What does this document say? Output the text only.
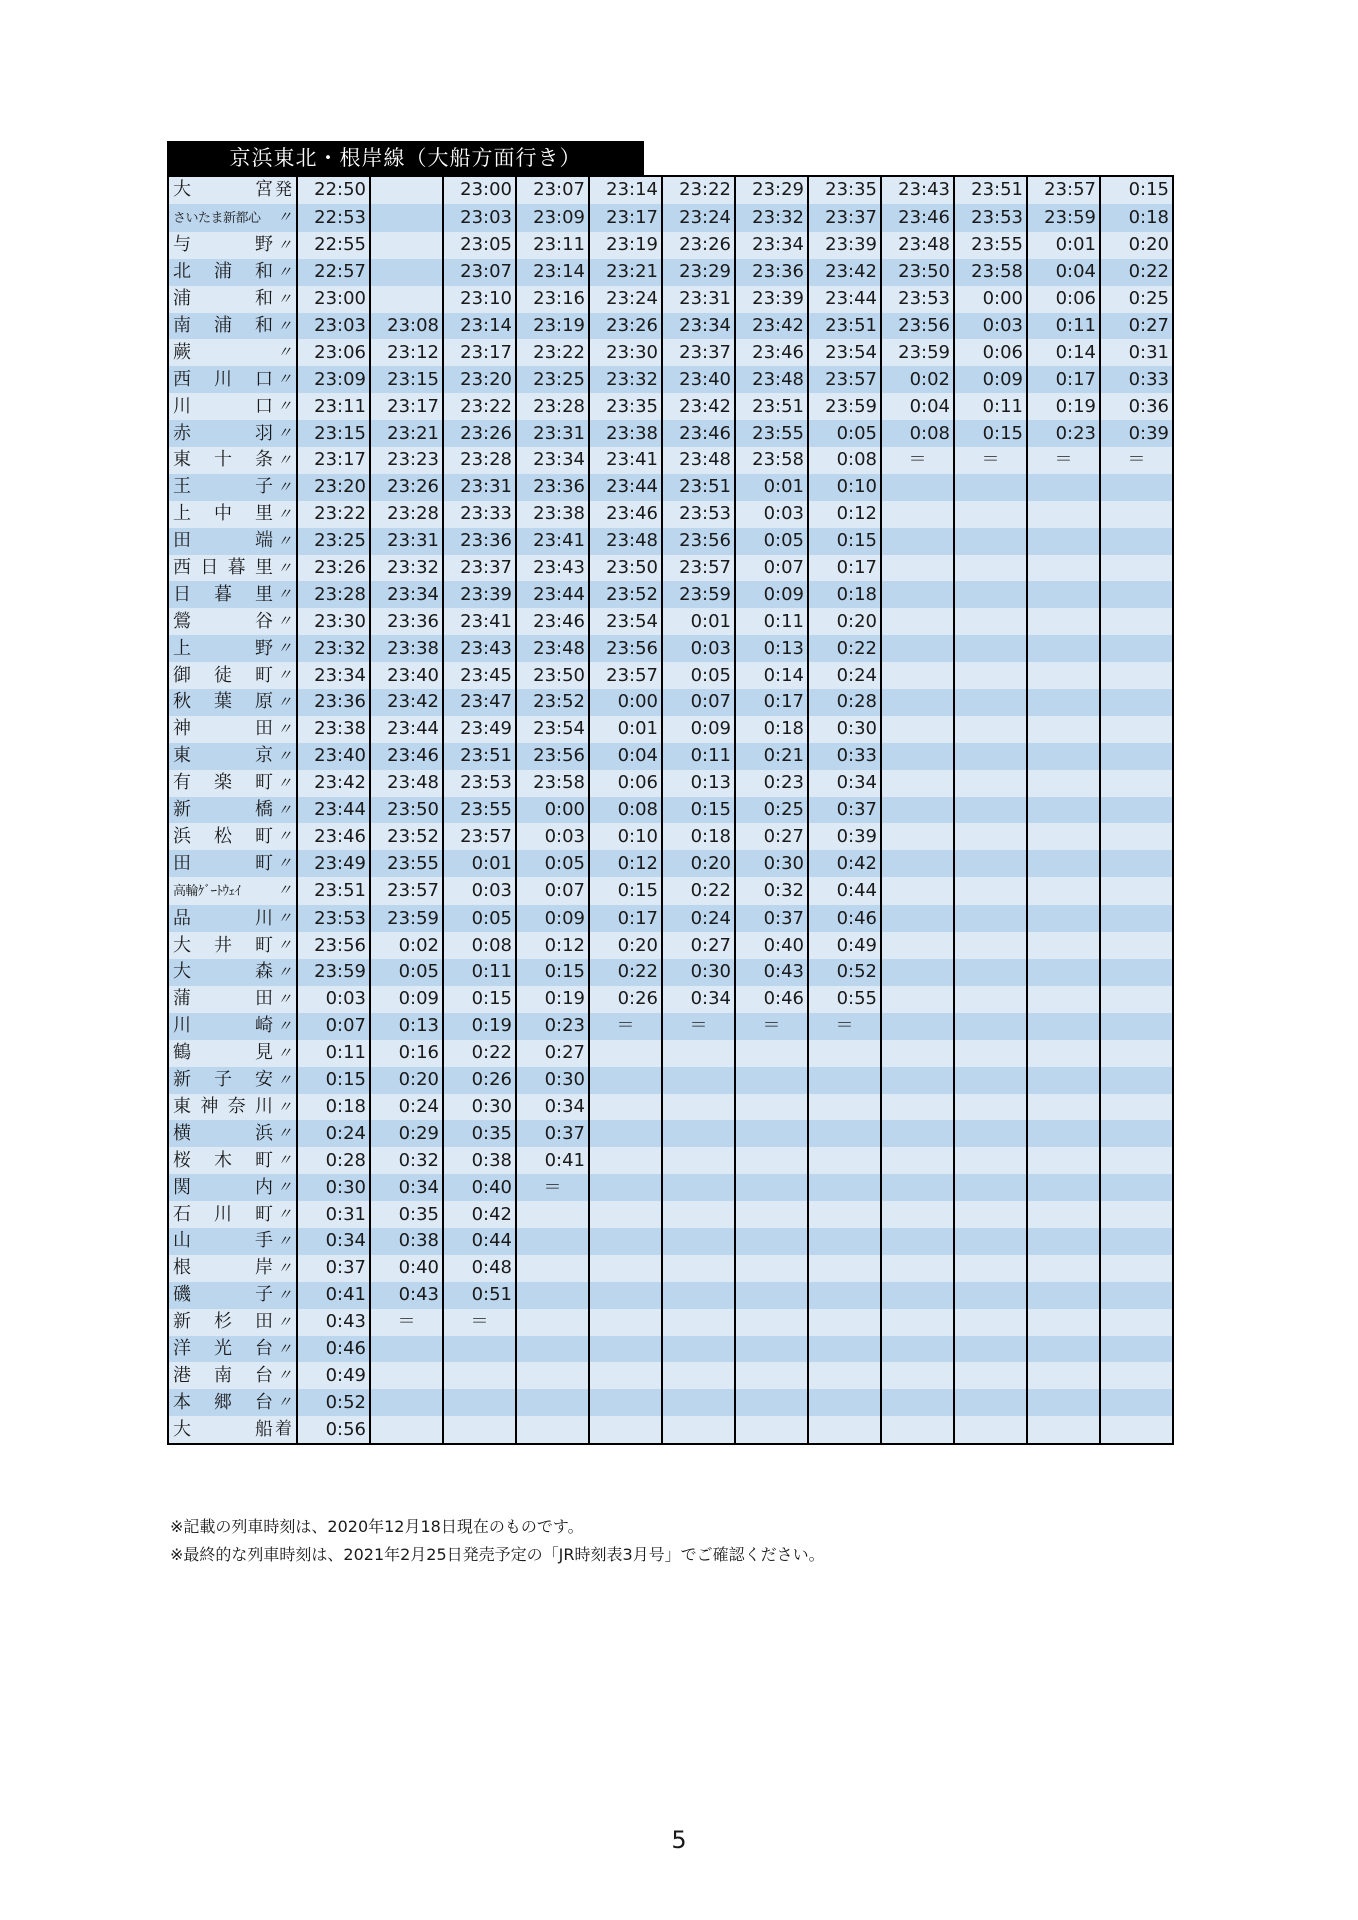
京浜東北・根岸線（大船方面行き）
大宮 発	22:50		23:00	23:07	23:14	23:22	23:29	23:35	23:43	23:51	23:57	0:15
さいたま新都心 〃	22:53		23:03	23:09	23:17	23:24	23:32	23:37	23:46	23:53	23:59	0:18
与野 〃	22:55		23:05	23:11	23:19	23:26	23:34	23:39	23:48	23:55	0:01	0:20
北浦和 〃	22:57		23:07	23:14	23:21	23:29	23:36	23:42	23:50	23:58	0:04	0:22
浦和 〃	23:00		23:10	23:16	23:24	23:31	23:39	23:44	23:53	0:00	0:06	0:25
南浦和 〃	23:03	23:08	23:14	23:19	23:26	23:34	23:42	23:51	23:56	0:03	0:11	0:27
蕨 〃	23:06	23:12	23:17	23:22	23:30	23:37	23:46	23:54	23:59	0:06	0:14	0:31
西川口 〃	23:09	23:15	23:20	23:25	23:32	23:40	23:48	23:57	0:02	0:09	0:17	0:33
川口 〃	23:11	23:17	23:22	23:28	23:35	23:42	23:51	23:59	0:04	0:11	0:19	0:36
赤羽 〃	23:15	23:21	23:26	23:31	23:38	23:46	23:55	0:05	0:08	0:15	0:23	0:39
東十条 〃	23:17	23:23	23:28	23:34	23:41	23:48	23:58	0:08	＝	＝	＝	＝
王子 〃	23:20	23:26	23:31	23:36	23:44	23:51	0:01	0:10				
上中里 〃	23:22	23:28	23:33	23:38	23:46	23:53	0:03	0:12				
田端 〃	23:25	23:31	23:36	23:41	23:48	23:56	0:05	0:15				
西日暮里 〃	23:26	23:32	23:37	23:43	23:50	23:57	0:07	0:17				
日暮里 〃	23:28	23:34	23:39	23:44	23:52	23:59	0:09	0:18				
鶯谷 〃	23:30	23:36	23:41	23:46	23:54	0:01	0:11	0:20				
上野 〃	23:32	23:38	23:43	23:48	23:56	0:03	0:13	0:22				
御徒町 〃	23:34	23:40	23:45	23:50	23:57	0:05	0:14	0:24				
秋葉原 〃	23:36	23:42	23:47	23:52	0:00	0:07	0:17	0:28				
神田 〃	23:38	23:44	23:49	23:54	0:01	0:09	0:18	0:30				
東京 〃	23:40	23:46	23:51	23:56	0:04	0:11	0:21	0:33				
有楽町 〃	23:42	23:48	23:53	23:58	0:06	0:13	0:23	0:34				
新橋 〃	23:44	23:50	23:55	0:00	0:08	0:15	0:25	0:37				
浜松町 〃	23:46	23:52	23:57	0:03	0:10	0:18	0:27	0:39				
田町 〃	23:49	23:55	0:01	0:05	0:12	0:20	0:30	0:42				
高輪ｹﾞｰﾄｳｪｲ 〃	23:51	23:57	0:03	0:07	0:15	0:22	0:32	0:44				
品川 〃	23:53	23:59	0:05	0:09	0:17	0:24	0:37	0:46				
大井町 〃	23:56	0:02	0:08	0:12	0:20	0:27	0:40	0:49				
大森 〃	23:59	0:05	0:11	0:15	0:22	0:30	0:43	0:52				
蒲田 〃	0:03	0:09	0:15	0:19	0:26	0:34	0:46	0:55				
川崎 〃	0:07	0:13	0:19	0:23	＝	＝	＝	＝				
鶴見 〃	0:11	0:16	0:22	0:27								
新子安 〃	0:15	0:20	0:26	0:30								
東神奈川 〃	0:18	0:24	0:30	0:34								
横浜 〃	0:24	0:29	0:35	0:37								
桜木町 〃	0:28	0:32	0:38	0:41								
関内 〃	0:30	0:34	0:40	＝								
石川町 〃	0:31	0:35	0:42									
山手 〃	0:34	0:38	0:44									
根岸 〃	0:37	0:40	0:48									
磯子 〃	0:41	0:43	0:51									
新杉田 〃	0:43	＝	＝									
洋光台 〃	0:46											
港南台 〃	0:49											
本郷台 〃	0:52											
大船 着	0:56											
※記載の列車時刻は、2020年12月18日現在のものです。
※最終的な列車時刻は、2021年2月25日発売予定の「JR時刻表3月号」でご確認ください。
5
